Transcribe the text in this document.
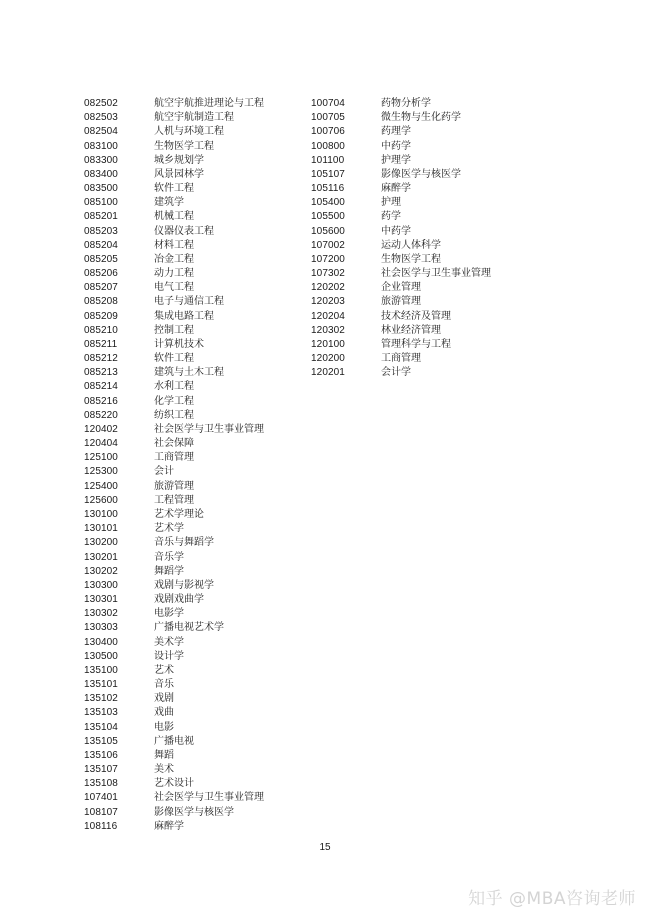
082502	航空宇航推进理论与工程
082503	航空宇航制造工程
082504	人机与环境工程
083100	生物医学工程
083300	城乡规划学
083400	风景园林学
083500	软件工程
085100	建筑学
085201	机械工程
085203	仪器仪表工程
085204	材料工程
085205	冶金工程
085206	动力工程
085207	电气工程
085208	电子与通信工程
085209	集成电路工程
085210	控制工程
085211	计算机技术
085212	软件工程
085213	建筑与土木工程
085214	水利工程
085216	化学工程
085220	纺织工程
120402	社会医学与卫生事业管理
120404	社会保障
125100	工商管理
125300	会计
125400	旅游管理
125600	工程管理
130100	艺术学理论
130101	艺术学
130200	音乐与舞蹈学
130201	音乐学
130202	舞蹈学
130300	戏剧与影视学
130301	戏剧戏曲学
130302	电影学
130303	广播电视艺术学
130400	美术学
130500	设计学
135100	艺术
135101	音乐
135102	戏剧
135103	戏曲
135104	电影
135105	广播电视
135106	舞蹈
135107	美术
135108	艺术设计
107401	社会医学与卫生事业管理
108107	影像医学与核医学
108116	麻醉学
100704	药物分析学
100705	微生物与生化药学
100706	药理学
100800	中药学
101100	护理学
105107	影像医学与核医学
105116	麻醉学
105400	护理
105500	药学
105600	中药学
107002	运动人体科学
107200	生物医学工程
107302	社会医学与卫生事业管理
120202	企业管理
120203	旅游管理
120204	技术经济及管理
120302	林业经济管理
120100	管理科学与工程
120200	工商管理
120201	会计学
15
知乎 @MBA咨询老师
